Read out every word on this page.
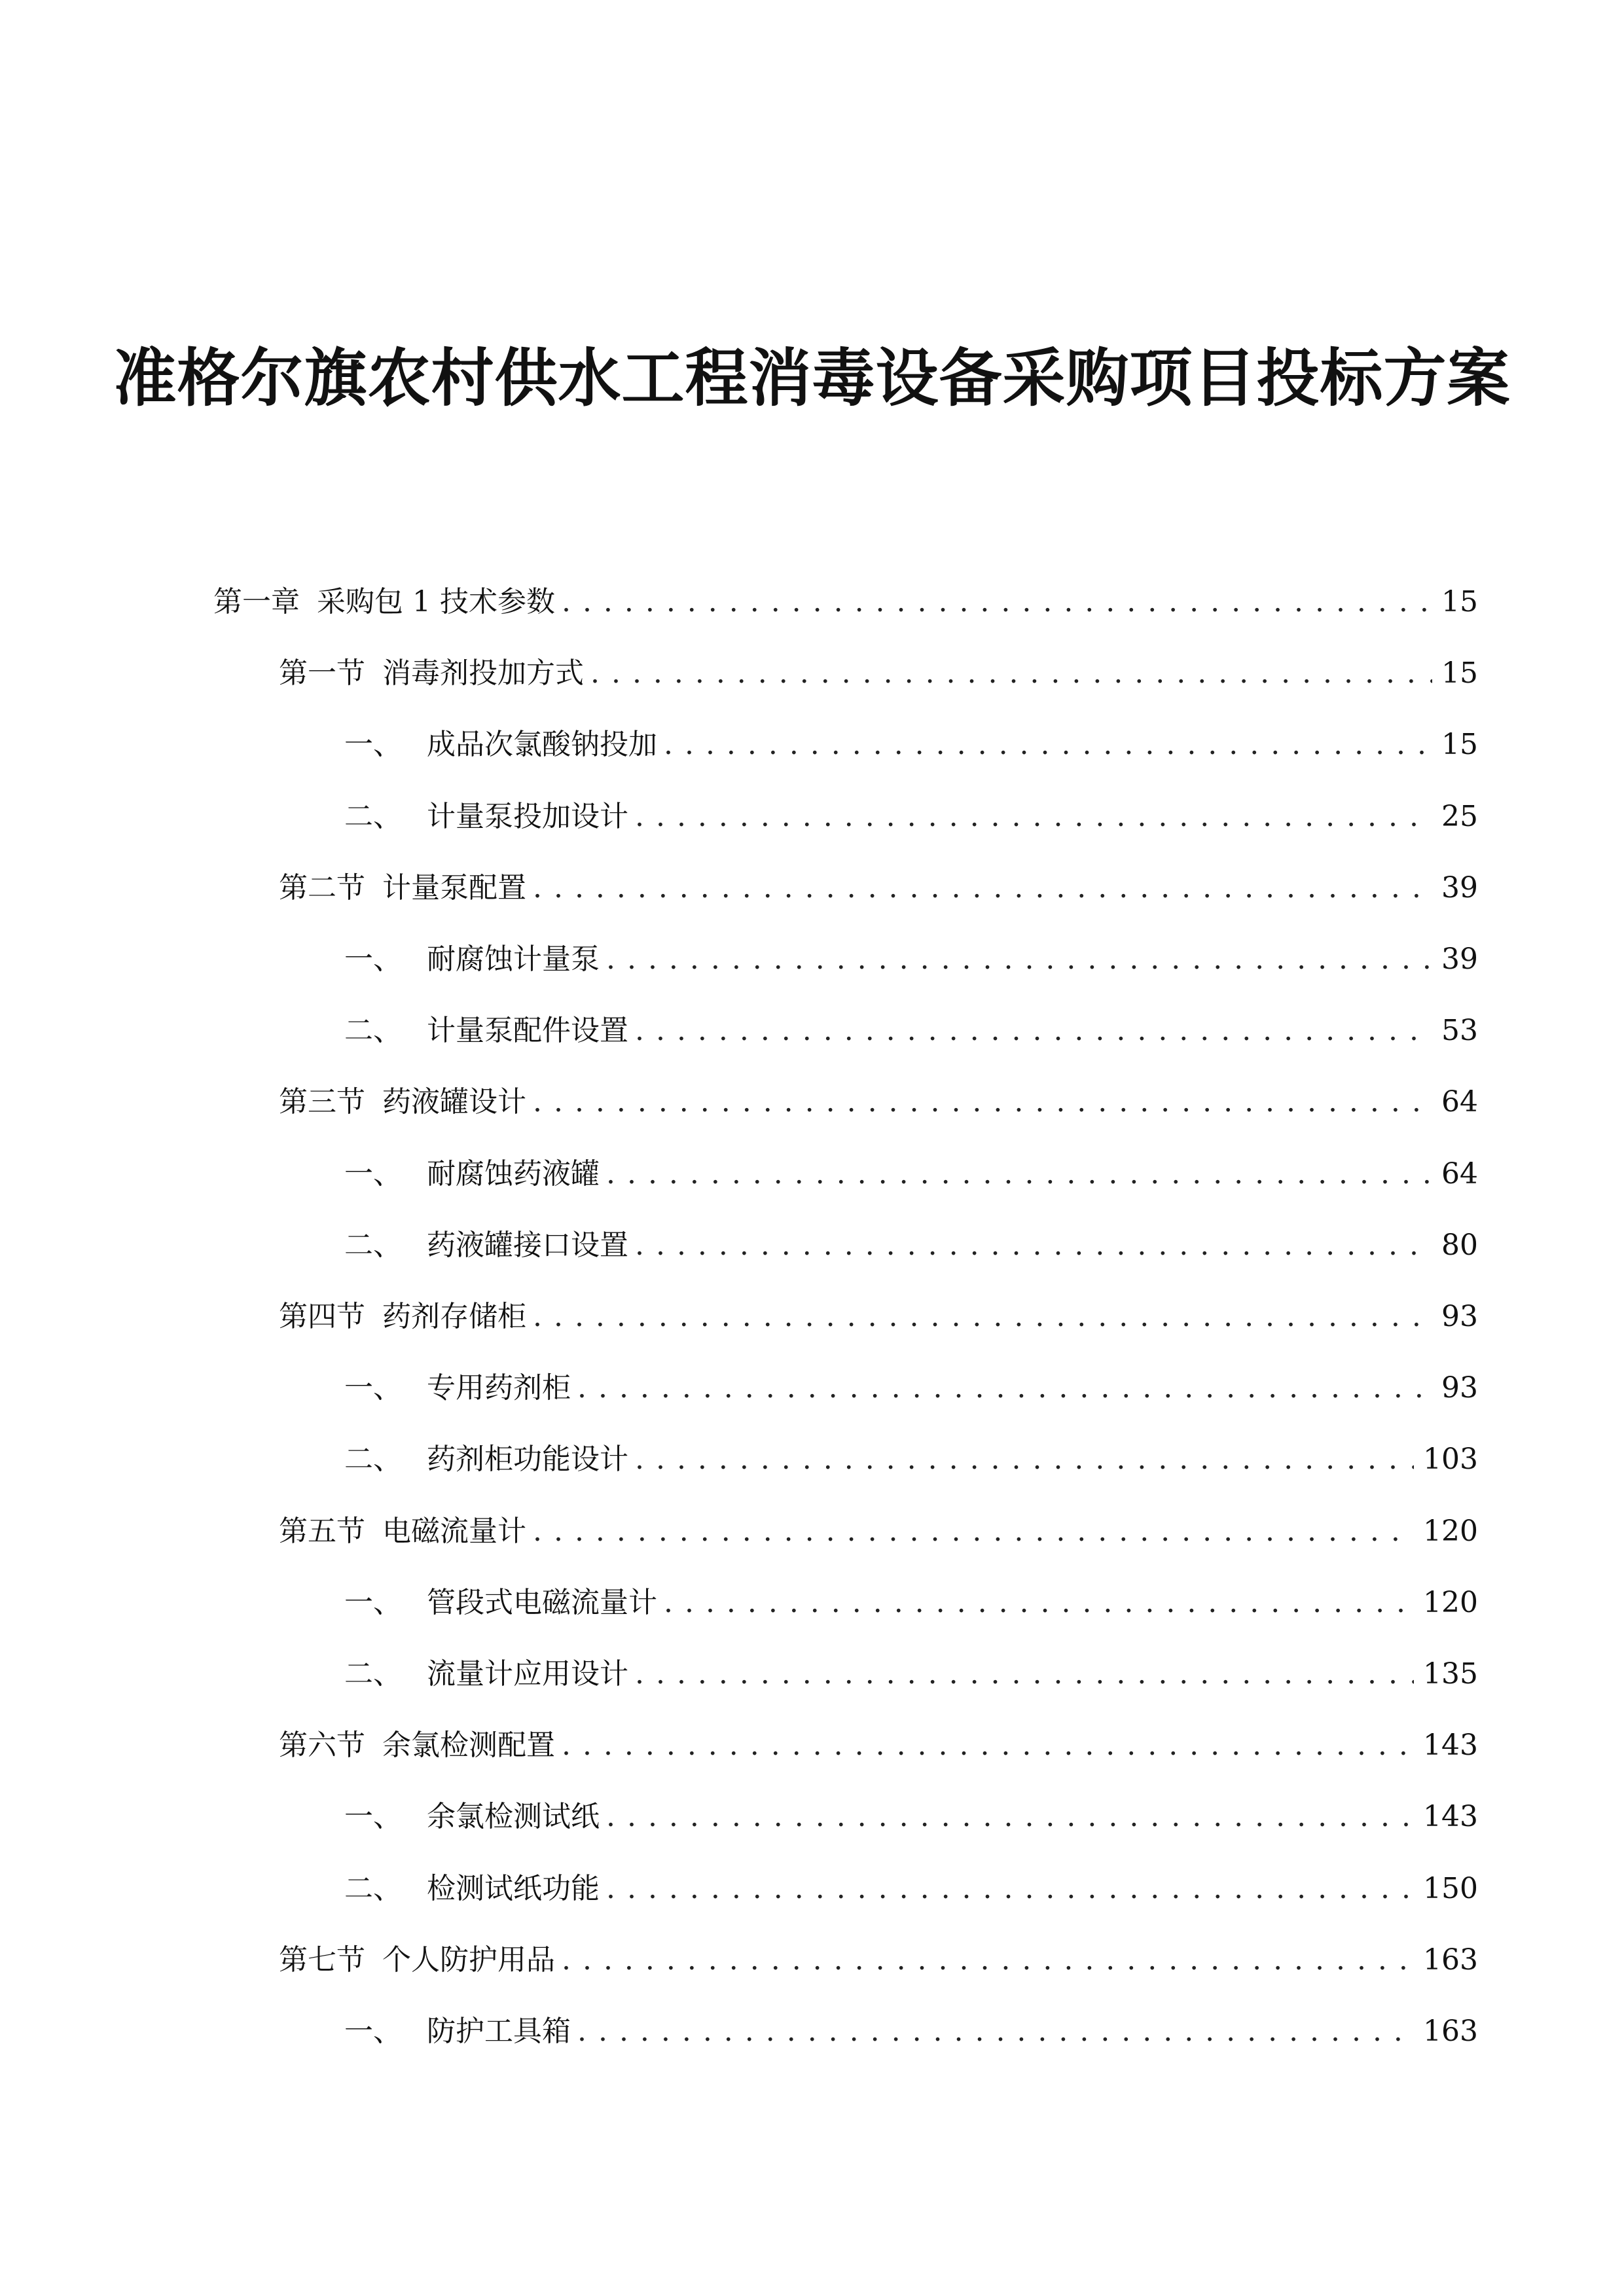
准格尔旗农村供水工程消毒设备采购项目投标方案
第一章 采购包 1 技术参数 . . .	15
第一节 消毒剂投加方式 . . .	15
一、 成品次氯酸钠投加 . . .	15
二、 计量泵投加设计 . . .	25
第二节 计量泵配置 . . .	39
一、 耐腐蚀计量泵 . . .	39
二、 计量泵配件设置 . . .	53
第三节 药液罐设计 . . .	64
一、 耐腐蚀药液罐 . . .	64
二、 药液罐接口设置 . . .	80
第四节 药剂存储柜 . . .	93
一、 专用药剂柜 . . .	93
二、 药剂柜功能设计 . . .	103
第五节 电磁流量计 . . .	120
一、 管段式电磁流量计 . . .	120
二、 流量计应用设计 . . .	135
第六节 余氯检测配置 . . .	143
一、 余氯检测试纸 . . .	143
二、 检测试纸功能 . . .	150
第七节 个人防护用品 . . .	163
一、 防护工具箱 . . .	163
